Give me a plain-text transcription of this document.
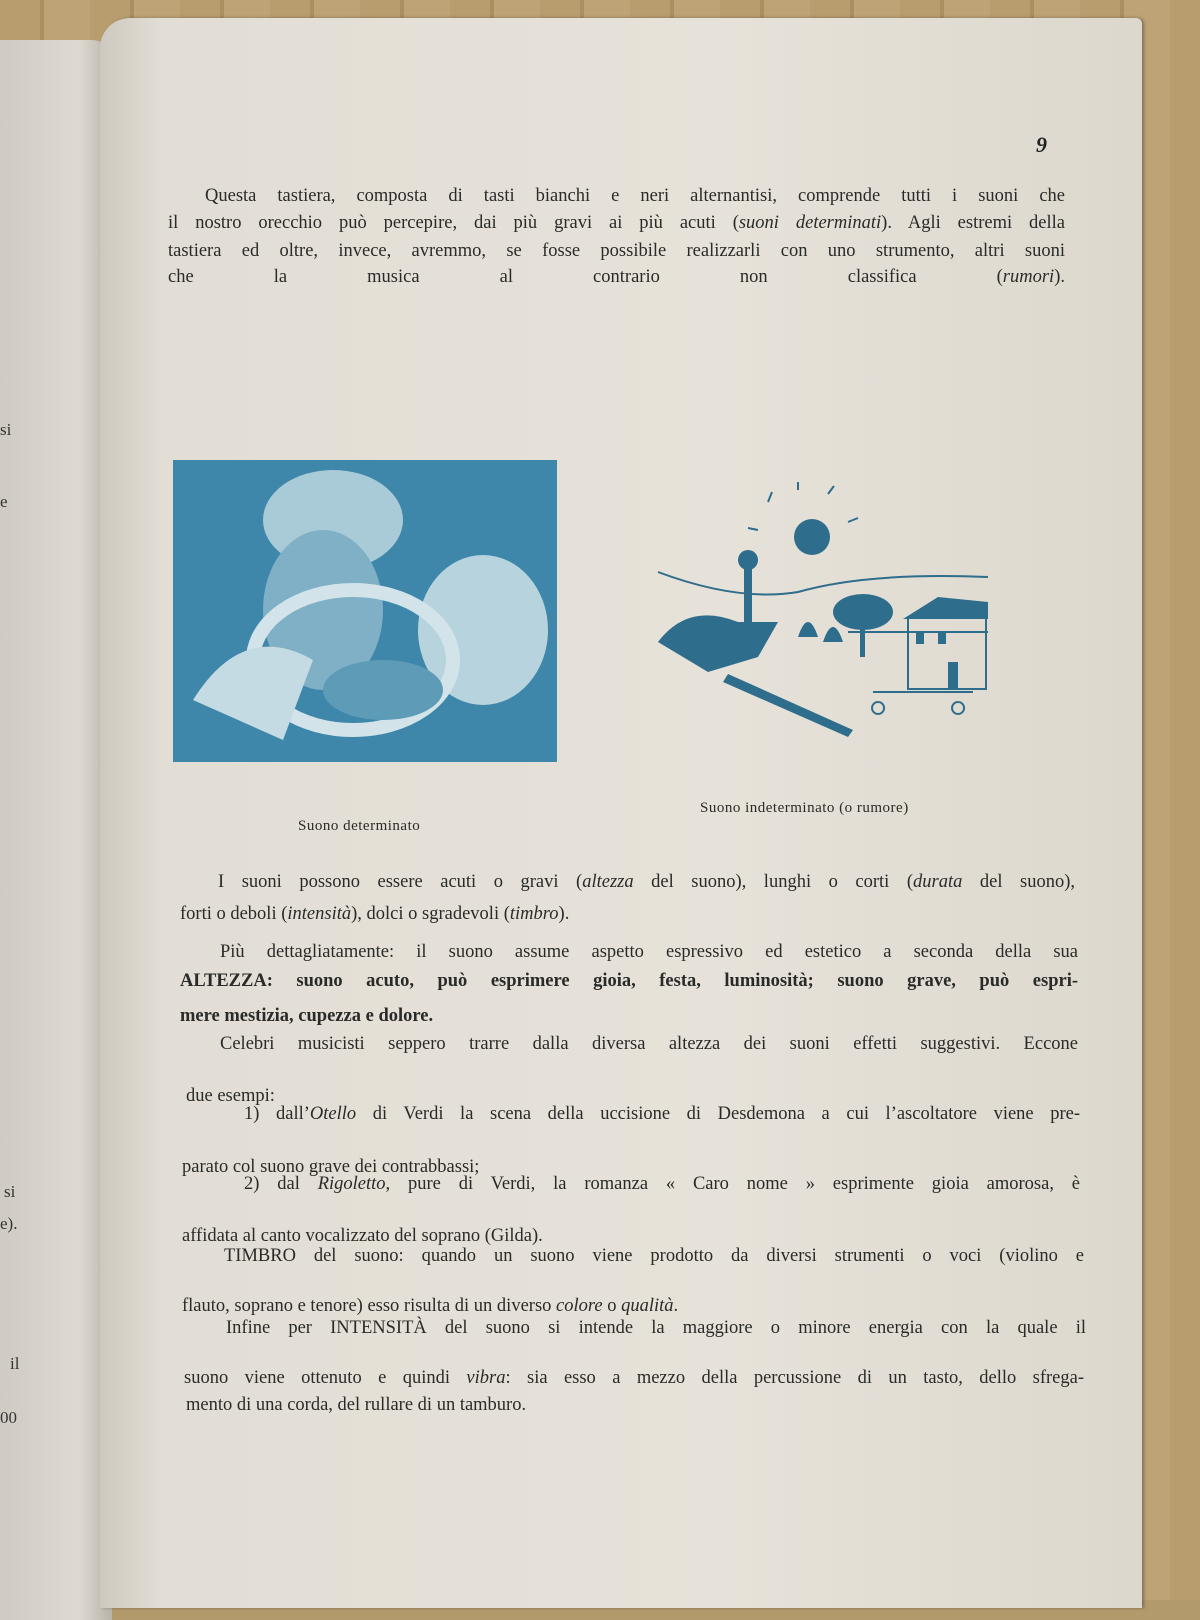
si
e
si
e).
il
00
9
Questa tastiera, composta di tasti bianchi e neri alternantisi, comprende tutti i suoni che
il nostro orecchio può percepire, dai più gravi ai più acuti (suoni determinati). Agli estremi della
tastiera ed oltre, invece, avremmo, se fosse possibile realizzarli con uno strumento, altri suoni
che la musica al contrario non classifica (rumori).
I suoni possono essere acuti o gravi (altezza del suono), lunghi o corti (durata del suono),
forti o deboli (intensità), dolci o sgradevoli (timbro).
Più dettagliatamente: il suono assume aspetto espressivo ed estetico a seconda della sua
ALTEZZA: suono acuto, può esprimere gioia, festa, luminosità; suono grave, può espri-
mere mestizia, cupezza e dolore.
Celebri musicisti seppero trarre dalla diversa altezza dei suoni effetti suggestivi. Eccone
due esempi:
1) dall’Otello di Verdi la scena della uccisione di Desdemona a cui l’ascoltatore viene pre-
parato col suono grave dei contrabbassi;
2) dal Rigoletto, pure di Verdi, la romanza « Caro nome » esprimente gioia amorosa, è
affidata al canto vocalizzato del soprano (Gilda).
TIMBRO del suono: quando un suono viene prodotto da diversi strumenti o voci (violino e
flauto, soprano e tenore) esso risulta di un diverso colore o qualità.
Infine per INTENSITÀ del suono si intende la maggiore o minore energia con la quale il
suono viene ottenuto e quindi vibra: sia esso a mezzo della percussione di un tasto, dello sfrega-
mento di una corda, del rullare di un tamburo.
Suono determinato
Suono indeterminato (o rumore)
